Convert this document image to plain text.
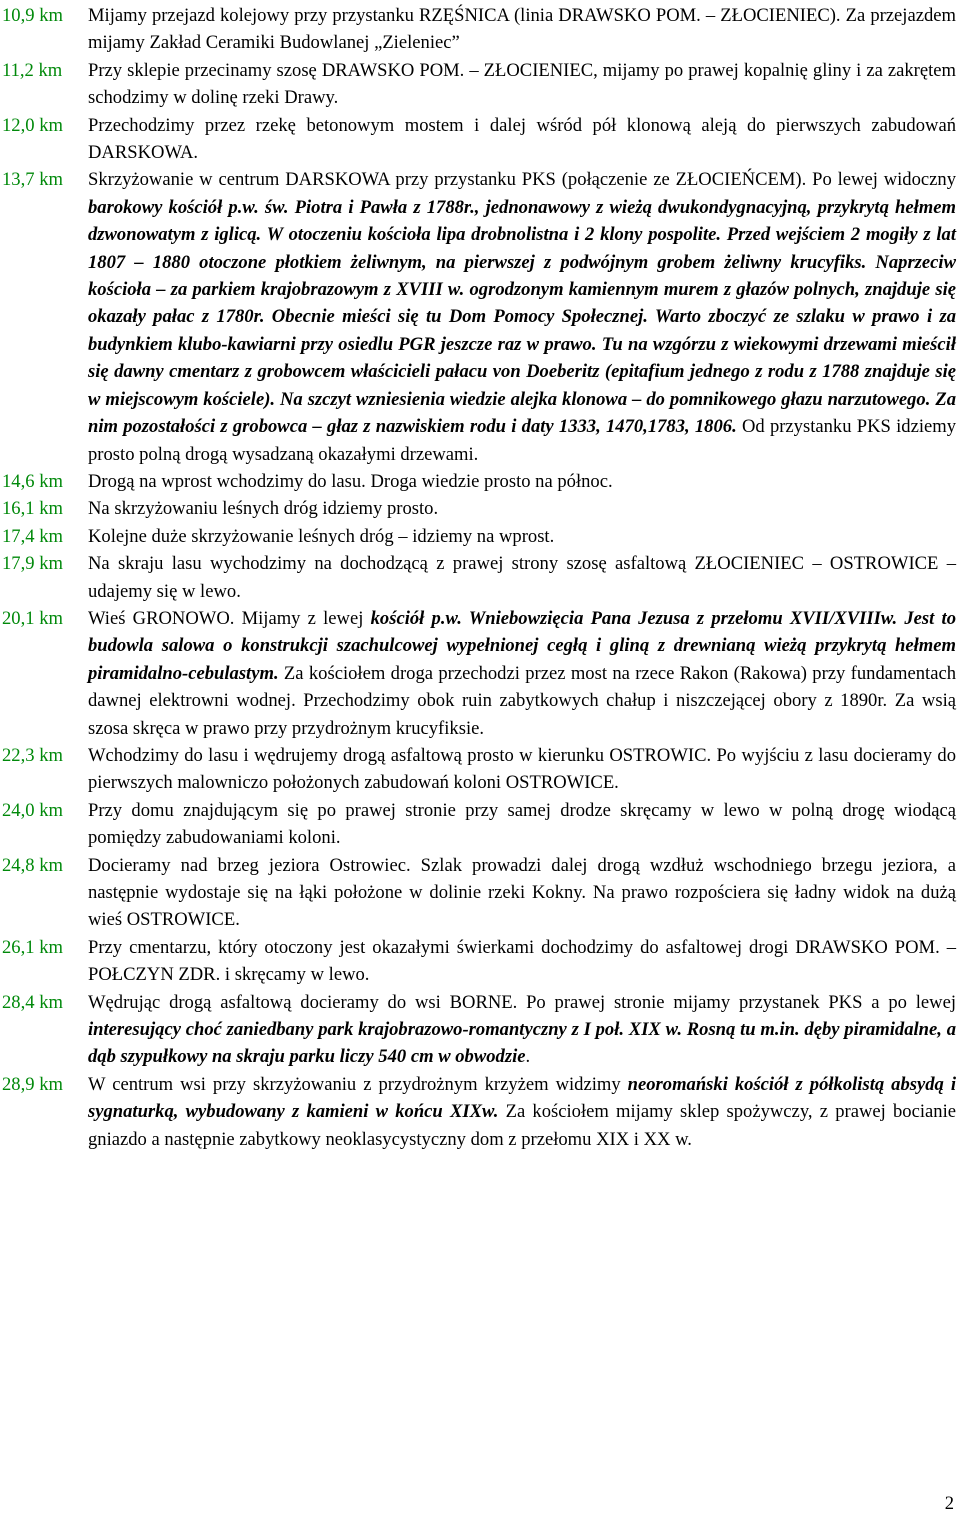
10,9 km	Mijamy przejazd kolejowy przy przystanku RZĘŚNICA (linia DRAWSKO POM. – ZŁOCIENIEC). Za przejazdem mijamy Zakład Ceramiki Budowlanej „Zieleniec”
11,2 km	Przy sklepie przecinamy szosę DRAWSKO POM. – ZŁOCIENIEC, mijamy po prawej kopalnię gliny i za zakrętem schodzimy w dolinę rzeki Drawy.
12,0 km	Przechodzimy przez rzekę betonowym mostem i dalej wśród pół klonową aleją do pierwszych zabudowań DARSKOWA.
13,7 km	Skrzyżowanie w centrum DARSKOWA przy przystanku PKS (połączenie ze ZŁOCIEŃCEM). Po lewej widoczny barokowy kościół p.w. św. Piotra i Pawła z 1788r., jednonawowy z wieżą dwukondygnacyjną, przykrytą hełmem dzwonowatym z iglicą. W otoczeniu kościoła lipa drobnolistna i 2 klony pospolite. Przed wejściem 2 mogiły z lat 1807 – 1880 otoczone płotkiem żeliwnym, na pierwszej z podwójnym grobem żeliwny krucyfiks. Naprzeciw kościoła – za parkiem krajobrazowym z XVIII w. ogrodzonym kamiennym murem z głazów polnych, znajduje się okazały pałac z 1780r. Obecnie mieści się tu Dom Pomocy Społecznej. Warto zboczyć ze szlaku w prawo i za budynkiem klubo-kawiarni przy osiedlu PGR jeszcze raz w prawo. Tu na wzgórzu z wiekowymi drzewami mieścił się dawny cmentarz z grobowcem właścicieli pałacu von Doeberitz (epitafium jednego z rodu z 1788 znajduje się w miejscowym kościele). Na szczyt wzniesienia wiedzie alejka klonowa – do pomnikowego głazu narzutowego. Za nim pozostałości z grobowca – głaz z nazwiskiem rodu i daty 1333, 1470,1783, 1806. Od przystanku PKS idziemy prosto polną drogą wysadzaną okazałymi drzewami.
14,6 km	Drogą na wprost wchodzimy do lasu. Droga wiedzie prosto na północ.
16,1 km	Na skrzyżowaniu leśnych dróg idziemy prosto.
17,4 km	Kolejne duże skrzyżowanie leśnych dróg – idziemy na wprost.
17,9 km	Na skraju lasu wychodzimy na dochodzącą z prawej strony szosę asfaltową ZŁOCIENIEC – OSTROWICE – udajemy się w lewo.
20,1 km	Wieś GRONOWO. Mijamy z lewej kościół p.w. Wniebowzięcia Pana Jezusa z przełomu XVII/XVIIIw. Jest to budowla salowa o konstrukcji szachulcowej wypełnionej cegłą i gliną z drewnianą wieżą przykrytą hełmem piramidalno-cebulastym. Za kościołem droga przechodzi przez most na rzece Rakon (Rakowa) przy fundamentach dawnej elektrowni wodnej. Przechodzimy obok ruin zabytkowych chałup i niszczejącej obory z 1890r. Za wsią szosa skręca w prawo przy przydrożnym krucyfiksie.
22,3 km	Wchodzimy do lasu i wędrujemy drogą asfaltową prosto w kierunku OSTROWIC. Po wyjściu z lasu docieramy do pierwszych malowniczo położonych zabudowań koloni OSTROWICE.
24,0 km	Przy domu znajdującym się po prawej stronie przy samej drodze skręcamy w lewo w polną drogę wiodącą pomiędzy zabudowaniami koloni.
24,8 km	Docieramy nad brzeg jeziora Ostrowiec. Szlak prowadzi dalej drogą wzdłuż wschodniego brzegu jeziora, a następnie wydostaje się na łąki położone w dolinie rzeki Kokny. Na prawo rozpościera się ładny widok na dużą wieś OSTROWICE.
26,1 km	Przy cmentarzu, który otoczony jest okazałymi świerkami dochodzimy do asfaltowej drogi DRAWSKO POM. – POŁCZYN ZDR. i skręcamy w lewo.
28,4 km	Wędrując drogą asfaltową docieramy do wsi BORNE. Po prawej stronie mijamy przystanek PKS a po lewej interesujący choć zaniedbany park krajobrazowo-romantyczny z I poł. XIX w. Rosną tu m.in. dęby piramidalne, a dąb szypułkowy na skraju parku liczy 540 cm w obwodzie.
28,9 km	W centrum wsi przy skrzyżowaniu z przydrożnym krzyżem widzimy neoromański kościół z półkolistą absydą i sygnaturką, wybudowany z kamieni w końcu XIXw. Za kościołem mijamy sklep spożywczy, z prawej bocianie gniazdo a następnie zabytkowy neoklasycystyczny dom z przełomu XIX i XX w.
2
